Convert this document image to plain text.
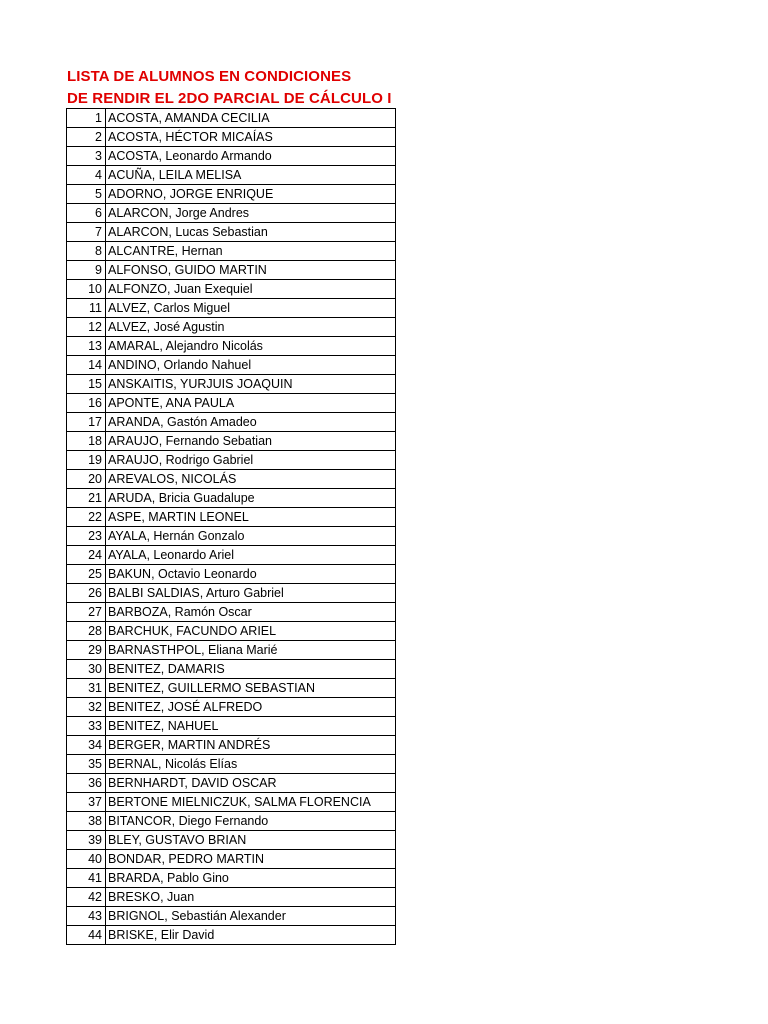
LISTA DE ALUMNOS EN CONDICIONES
DE RENDIR EL 2DO PARCIAL DE CÁLCULO I
1	ACOSTA, AMANDA CECILIA
2	ACOSTA, HÉCTOR MICAÍAS
3	ACOSTA, Leonardo Armando
4	ACUÑA, LEILA MELISA
5	ADORNO, JORGE ENRIQUE
6	ALARCON, Jorge Andres
7	ALARCON, Lucas Sebastian
8	ALCANTRE, Hernan
9	ALFONSO, GUIDO MARTIN
10	ALFONZO, Juan Exequiel
11	ALVEZ, Carlos Miguel
12	ALVEZ, José Agustin
13	AMARAL, Alejandro Nicolás
14	ANDINO, Orlando Nahuel
15	ANSKAITIS, YURJUIS JOAQUIN
16	APONTE, ANA PAULA
17	ARANDA, Gastón Amadeo
18	ARAUJO, Fernando Sebatian
19	ARAUJO, Rodrigo Gabriel
20	AREVALOS, NICOLÁS
21	ARUDA, Bricia Guadalupe
22	ASPE, MARTIN LEONEL
23	AYALA, Hernán Gonzalo
24	AYALA, Leonardo Ariel
25	BAKUN, Octavio Leonardo
26	BALBI SALDIAS, Arturo Gabriel
27	BARBOZA, Ramón Oscar
28	BARCHUK, FACUNDO ARIEL
29	BARNASTHPOL, Eliana Marié
30	BENITEZ, DAMARIS
31	BENITEZ, GUILLERMO SEBASTIAN
32	BENITEZ, JOSÉ ALFREDO
33	BENITEZ, NAHUEL
34	BERGER, MARTIN ANDRÉS
35	BERNAL, Nicolás Elías
36	BERNHARDT, DAVID OSCAR
37	BERTONE MIELNICZUK, SALMA FLORENCIA
38	BITANCOR, Diego Fernando
39	BLEY, GUSTAVO BRIAN
40	BONDAR, PEDRO MARTIN
41	BRARDA, Pablo Gino
42	BRESKO, Juan
43	BRIGNOL, Sebastián Alexander
44	BRISKE, Elir David
